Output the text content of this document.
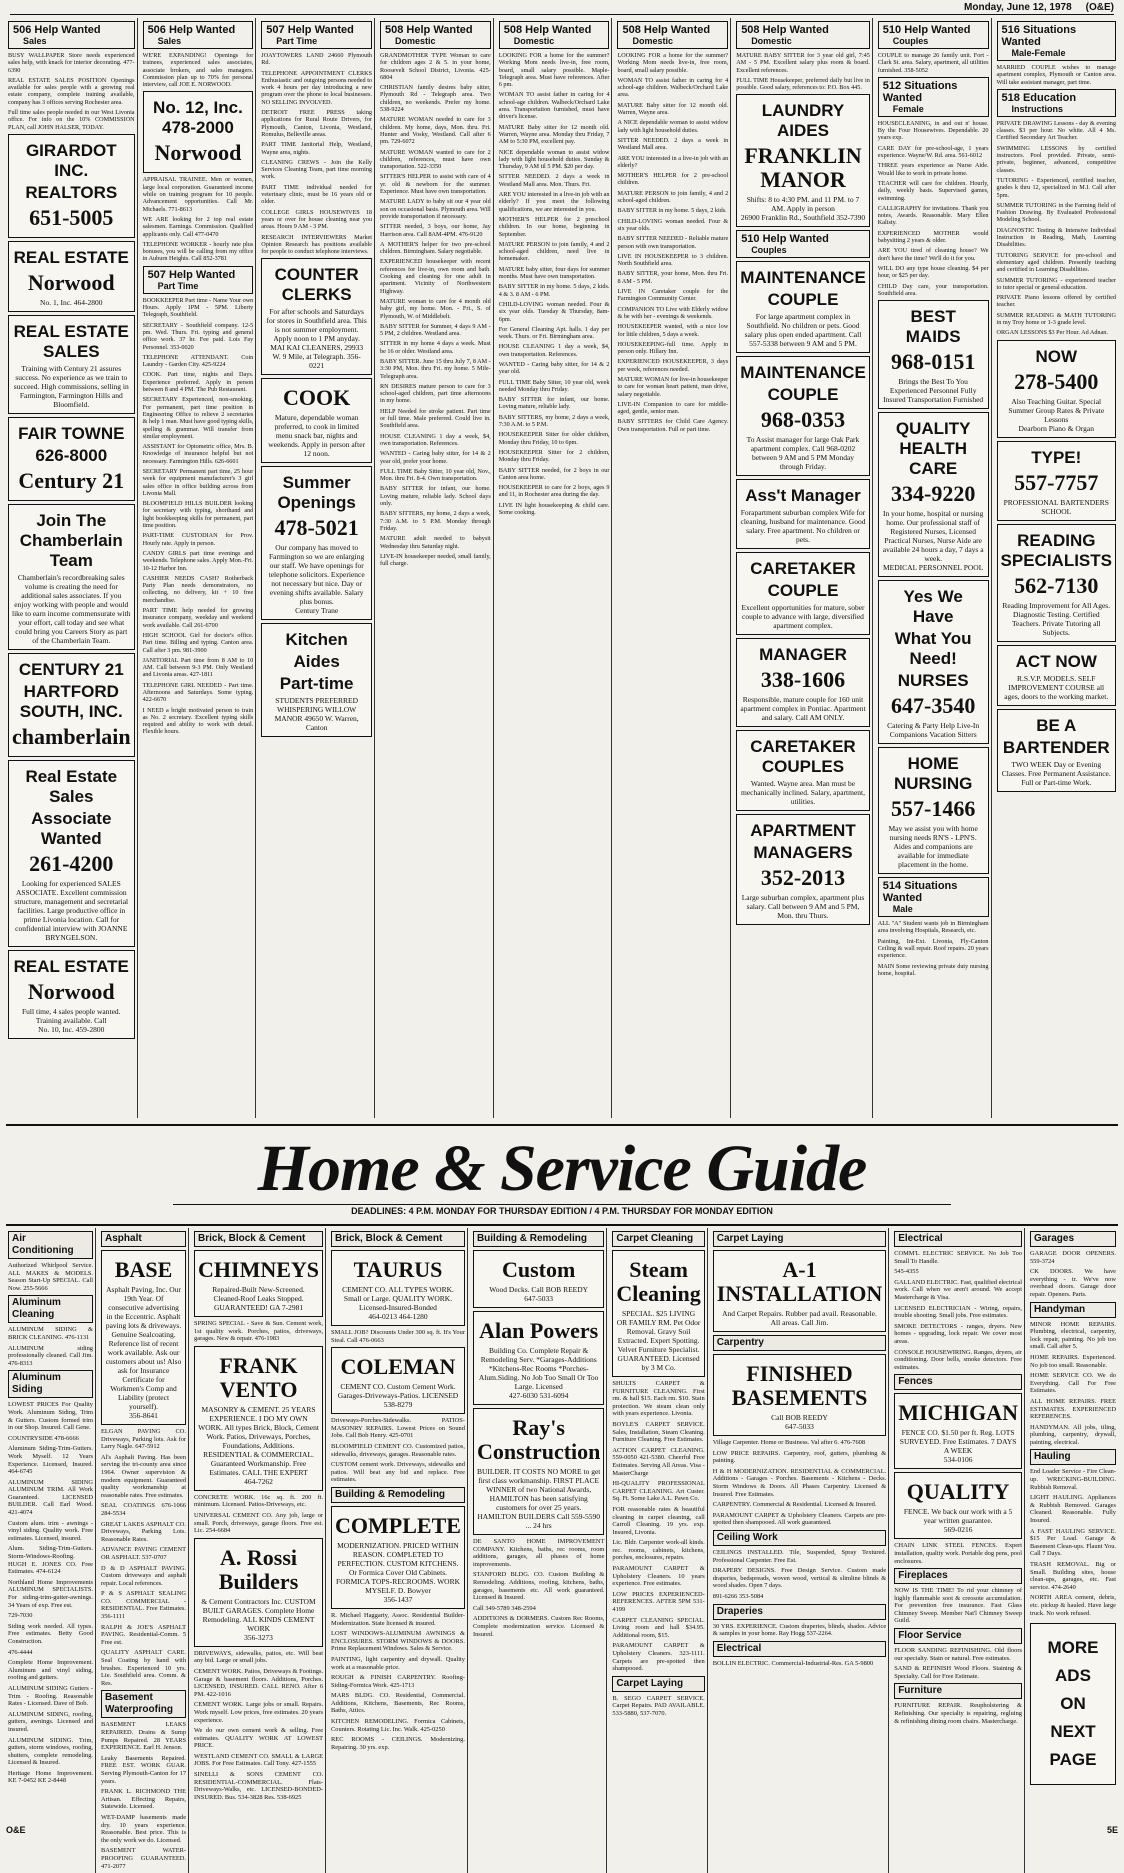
Monday, June 12, 1978 (O&E)
506 Help Wanted
Sales
BUSY WALLPAPER Store needs experienced sales help, with knack for interior decorating. 477-6390
REAL ESTATE SALES POSITION Openings available for sales people with a growing real estate company, complete training available, company has 3 offices serving Rochester area.
Full time sales people needed in our West Livonia office. For info on the 10% COMMISSION PLAN, call JOHN HALSER, TODAY.
GIRARDOT INC.
REALTORS
651-5005
REAL ESTATE
Norwood
No. 1, Inc. 464-2800
REAL ESTATE SALES
Training with Century 21 assures success. No experience as we train to succeed. High commissions, selling in Farmington, Farmington Hills and Bloomfield.
FAIR TOWNE
626-8000
Century 21
Join The Chamberlain Team
Chamberlain's recordbreaking sales volume is creating the need for additional sales associates. If you enjoy working with people and would like to earn income commensurate with your effort, call today and see what could bring you Careers Story as part of the Chamberlain Team.
CENTURY 21
HARTFORD SOUTH, INC.
chamberlain
Real Estate Sales
Associate Wanted
261-4200
Looking for experienced SALES ASSOCIATE. Excellent commission structure, management and secretarial facilities. Large productive office in prime Livonia location. Call for confidential interview with JOANNE BRYNGELSON.
REAL ESTATE
Norwood
Full time, 4 sales people wanted. Training available. Call
No. 10, Inc. 459-2800
506 Help Wanted
Sales
WE'RE EXPANDING! Openings for trainees, experienced sales associates, associate brokers, and sales managers. Commission plan up to 70% for personal interview, call JOE E. NORWOOD.
No. 12, Inc. 478-2000
Norwood
APPRAISAL TRAINEE. Men or women, large local corporation. Guaranteed income while on training program for 10 people. Advancement opportunities. Call Mr. Michaels. 771-8613
WE ARE looking for 2 top real estate salesmen. Earnings. Commission. Qualified applicants only. Call 477-0470
TELEPHONE WORKER - hourly rate plus bonuses, you will be calling from my office in Auburn Heights. Call 852-3781
507 Help Wanted
Part Time
BOOKKEEPER Part time - Name Your own Hours. Apply 1PM - 5PM. Liberty Telegraph, Southfield.
SECRETARY - Southfield company. 12-5 pm. Wed. Thurs. Fri. typing and general office work. 37 hr. Fee paid. Lois Fay Personnel. 353-0020
TELEPHONE ATTENDANT. Coin Laundry - Garden City. 425-9224
COOK. Part time, nights and Days. Experience preferred. Apply in person between 8 and 4 PM. The Pub Restaurant.
SECRETARY Experienced, non-smoking. For permanent, part time position in Engineering Office to relieve 2 secretaries & help 1 man. Must have good typing skills, spelling & grammar. Will transfer from similar employment.
ASSISTANT for Optometric office, Mrs. B. Knowledge of insurance helpful but not necessary. Farmington Hills. 626-6601
SECRETARY Permanent part time, 25 hour week for equipment manufacturer's 3 girl sales office in office building across from Livonia Mall.
BLOOMFIELD HILLS BUILDER looking for secretary with typing, shorthand and light bookkeeping skills for permanent, part time position.
PART-TIME CUSTODIAN for Prov. Hourly rate. Apply in person.
CANDY GIRLS part time evenings and weekends. Telephone sales. Apply Mon.-Fri. 10-12 Harbor Inn.
CASHIER NEEDS CASH? Rotherback Party Plan needs demonstrators, no collecting, no delivery, kit + 10 free merchandise.
PART TIME help needed for growing insurance company, weekday and weekend work available. Call 261-6700
HIGH SCHOOL Girl for doctor's office. Part time. Billing and typing. Canton area. Call after 3 pm. 981-3900
JANITORIAL Part time from 8 AM to 10 AM. Call between 9-3 PM. Only Westland and Livonia areas. 427-1811
TELEPHONE GIRL NEEDED - Part time. Afternoons and Saturdays. Some typing. 422-6670
I NEED a bright motivated person to train as No. 2 secretary. Excellent typing skills required and ability to work with detail. Flexible hours.
507 Help Wanted
Part Time
JOAYTOWERS LAND 24660 Plymouth Rd.
TELEPHONE APPOINTMENT CLERKS Enthusiastic and outgoing persons needed to work 4 hours per day introducing a new program over the phone to local businesses. NO SELLING INVOLVED.
DETROIT FREE PRESS taking applications for Rural Route Drivers, for Plymouth, Canton, Livonia, Westland, Romulus, Belleville areas.
PART TIME Janitorial Help, Westland, Wayne area, nights.
CLEANING CREWS - Join the Kelly Services Cleaning Team, part time morning work.
PART TIME individual needed for veterinary clinic, must be 16 years old or older.
COLLEGE GIRLS HOUSEWIVES 18 years or over for house cleaning near you areas. Hours 9 AM - 3 PM.
RESEARCH INTERVIEWERS Market Opinion Research has positions available for people to conduct telephone interviews.
COUNTER CLERKS
For after schools and Saturdays for stores in Southfield area. This is not summer employment. Apply noon to 1 PM anyday. MAI KAI CLEANERS, 29933 W. 9 Mile, at Telegraph. 356-0221
COOK
Mature, dependable woman preferred, to cook in limited menu snack bar, nights and weekends. Apply in person after 12 noon.
Summer Openings
478-5021
Our company has moved to Farmington so we are enlarging our staff. We have openings for telephone solicitors. Experience not necessary but nice. Day or evening shifts available. Salary plus bonus.
Century Trane
Kitchen
Aides
Part-time
STUDENTS PREFERRED WHISPERING WILLOW MANOR 49650 W. Warren, Canton
508 Help Wanted
Domestic
GRANDMOTHER TYPE Woman to care for children ages 2 & 5. in your home, Roosevelt School District, Livonia. 425-6804
CHRISTIAN family desires baby sitter, Plymouth Rd - Telegraph area. Two children, no weekends. Prefer my home. 538-9224
MATURE WOMAN needed to care for 3 children. My home, days, Mon. thru. Fri. Hunter and Vosky, Westland. Call after 6 pm. 729-6072
MATURE WOMAN wanted to care for 2 children, references, must have own transportation. 522-3350
SITTER'S HELPER to assist with care of 4 yr. old & newborn for the summer. Experience. Must have own transportation.
MATURE LADY to baby sit our 4 year old son on occasional basis. Plymouth area. Will provide transportation if necessary.
SITTER needed, 3 boys, our home, Jay Harrison area. Call 8AM-4PM. 476-9120
A MOTHER'S helper for two pre-school children. Birmingham. Salary negotiable.
EXPERIENCED housekeeper with recent references for live-in, own room and bath. Cooking and cleaning for one adult in apartment. Vicinity of Northwestern Highway.
MATURE woman to care for 4 month old baby girl, my home. Mon. - Fri., S. of Plymouth, W. of Middlebelt.
BABY SITTER for Summer, 4 days 9 AM - 5 PM, 2 children. Westland area.
SITTER in my home 4 days a week. Must be 16 or older. Westland area.
BABY SITTER. June 15 thru July 7, 8 AM - 3:30 PM, Mon. thru Fri. my home. 5 Mile-Telegraph area.
RN DESIRES mature person to care for 3 school-aged children, part time afternoons in my home.
HELP Needed for stroke patient. Part time or full time. Male preferred. Could live in. Southfield area.
HOUSE CLEANING 1 day a week, $4, own transportation. References.
WANTED - Caring baby sitter, for 14 & 2 year old, prefer your home.
FULL TIME Baby Sitter, 10 year old, Nov., Mon. thru Fri. 8-4. Own transportation.
BABY SITTER for infant, our home. Loving mature, reliable lady. School days only.
BABY SITTERS, my home, 2 days a week, 7:30 A.M. to 5 P.M. Monday through Friday.
MATURE adult needed to babysit Wednesday thru Saturday night.
LIVE-IN housekeeper needed, small family, full charge.
508 Help Wanted
Domestic
LOOKING FOR a home for the summer? Working Mom needs live-in, free room, board, small salary possible. Maple-Telegraph area. Must have references. After 6 pm.
WOMAN TO assist father in caring for 4 school-age children. Walbeck/Orchard Lake area. Transportation furnished, must have driver's license.
MATURE Baby sitter for 12 month old. Warren, Wayne area. Monday thru Friday, 7 AM to 5:30 PM, excellent pay.
NICE dependable woman to assist widow lady with light household duties. Sunday & Thursday, 9 AM til 5 PM. $20 per day.
SITTER NEEDED. 2 days a week in Westland Mall area. Mon. Thurs. Fri.
ARE YOU interested in a live-in job with an elderly? If you meet the following qualifications, we are interested in you.
MOTHER'S HELPER for 2 preschool children. In our home, beginning in September.
MATURE PERSON to join family, 4 and 2 school-aged children, need live in homemaker.
MATURE baby sitter, four days for summer months. Must have own transportation.
BABY SITTER in my home. 5 days, 2 kids. 4 & 3. 8 AM - 6 PM.
CHILD-LOVING woman needed. Four & six year olds. Tuesday & Thursday, 8am-6pm.
For General Cleaning Apt. halls. 1 day per week. Thurs. or Fri. Birmingham area.
HOUSE CLEANING 1 day a week, $4, own transportation. References.
WANTED - Caring baby sitter, for 14 & 2 year old.
FULL TIME Baby Sitter, 10 year old, week needed Monday thru Friday.
BABY SITTER for infant, our home. Loving mature, reliable lady.
BABY SITTERS, my home, 2 days a week, 7:30 A.M. to 5 P.M.
HOUSEKEEPER Sitter for older children, Monday thru Friday, 10 to 6pm.
HOUSEKEEPER Sitter for 2 children, Monday thru Friday.
BABY SITTER needed, for 2 boys in our Canton area home.
HOUSEKEEPER to care for 2 boys, ages 9 and 11, in Rochester area during the day.
LIVE IN light housekeeping & child care. Some cooking.
508 Help Wanted
Domestic
LOOKING FOR a home for the summer? Working Mom needs live-in, free room, board, small salary possible.
WOMAN TO assist father in caring for 4 school-age children. Walbeck/Orchard Lake area.
MATURE Baby sitter for 12 month old. Warren, Wayne area.
A NICE dependable woman to assist widow lady with light household duties.
SITTER NEEDED. 2 days a week in Westland Mall area.
ARE YOU interested in a live-in job with an elderly?
MOTHER'S HELPER for 2 pre-school children.
MATURE PERSON to join family, 4 and 2 school-aged children.
BABY SITTER in my home. 5 days, 2 kids.
CHILD-LOVING woman needed. Four & six year olds.
BABY SITTER NEEDED - Reliable mature person with own transportation.
LIVE IN HOUSEKEEPER to 3 children. North Southfield area.
BABY SITTER, your home, Mon. thru Fri. 8 AM - 5 PM.
LIVE IN Caretaker couple for the Farmington Community Center.
COMPANION TO Live with Elderly widow & be with her - evenings & weekends.
HOUSEKEEPER wanted, with a nice low for little children, 5 days a week.
HOUSEKEEPING-full time. Apply in person only. Hillary Inn.
EXPERIENCED HOUSEKEEPER, 3 days per week, references needed.
MATURE WOMAN for live-in housekeeper to care for woman heart patient, man drive, salary negotiable.
LIVE-IN Companion to care for middle-aged, gentle, senior man.
BABY SITTERS for Child Care Agency. Own transportation. Full or part time.
508 Help Wanted
Domestic
MATURE BABY SITTER for 3 year old girl, 7:45 AM - 5 PM. Excellent salary plus room & board. Excellent references.
FULL TIME Housekeeper, preferred daily but live in possible. Good salary, references to: P.O. Box 445.
LAUNDRY AIDES
FRANKLIN MANOR
Shifts: 8 to 4:30 PM. and 11 PM. to 7 AM. Apply in person
26900 Franklin Rd., Southfield 352-7390
510 Help Wanted
Couples
MAINTENANCE
COUPLE
For large apartment complex in Southfield. No children or pets. Good salary plus open ended apartment. Call 557-5338 between 9 AM and 5 PM.
MAINTENANCE
COUPLE
968-0353
To Assist manager for large Oak Park apartment complex. Call 968-0202 between 9 AM and 5 PM Monday through Friday.
Ass't Manager
Forapartment suburban complex Wife for cleaning, husband for maintenance. Good salary. Free apartment. No children or pets.
CARETAKER
COUPLE
Excellent opportunities for mature, sober couple to advance with large, diversified apartment complex.
MANAGER
338-1606
Responsible, mature couple for 160 unit apartment complex in Pontiac. Apartment and salary. Call AM ONLY.
CARETAKER COUPLES
Wanted. Wayne area. Man must be mechanically inclined. Salary, apartment, utilities.
APARTMENT
MANAGERS
352-2013
Large suburban complex, apartment plus salary. Call between 9 AM and 5 PM, Mon. thru Thurs.
510 Help Wanted
Couples
COUPLE to manage 26 family unit. Fort - Clark St. area. Salary, apartment, all utilities furnished. 358-5052
512 Situations Wanted
Female
HOUSECLEANING, in and out n' house. By the Four Housewives. Dependable. 20 years exp.
CARE DAY for pre-school-age, 1 years experience. Wayne/W. Rd. area. 561-6012
THREE years experience as Nurse Aide. Would like to work in private home.
TEACHER will care for children. Hourly, daily, weekly basis. Supervised games, swimming.
CALLIGRAPHY for invitations. Thank you notes, Awards. Reasonable. Mary Ellen Kalisty.
EXPERIENCED MOTHER would babysitting 2 years & older.
ARE YOU tired of cleaning house? We don't have the time? We'll do it for you.
WILL DO any type house cleaning. $4 per hour, or $25 per day.
CHILD Day care, your transportation. Southfield area.
BEST MAIDS
968-0151
Brings the Best To You Experienced Personnel Fully Insured Transportation Furnished
QUALITY HEALTH CARE
334-9220
In your home, hospital or nursing home. Our professional staff of Registered Nurses, Licensed Practical Nurses, Nurse Aide are available 24 hours a day, 7 days a week.
MEDICAL PERSONNEL POOL
Yes We Have
What You Need!
NURSES
647-3540
Catering & Party Help Live-In Companions Vacation Sitters
HOME NURSING
557-1466
May we assist you with home nursing needs RN'S - LPN'S. Aides and companions are available for immediate placement in the home.
514 Situations Wanted
Male
ALL "A" Student wants job in Birmingham area involving Hospitals, Research, etc.
Painting, Int-Ext. Livonia, Fly-Canton Ceiling & wall repair. Roof repairs. 20 years experience.
MAIN Some reviewing private duty nursing home, hospital.
516 Situations Wanted
Male-Female
MARRIED COUPLE wishes to manage apartment complex, Plymouth or Canton area. Will take assistant manager, part time.
518 Education
Instructions
PRIVATE DRAWING Lessons - day & evening classes. $3 per hour. No white. All 4 Ms. Certified Secondary Art Teacher.
SWIMMING LESSONS by certified instructors. Pool provided. Private, semi-private, beginner, advanced, competitive classes.
TUTORING - Experienced, certified teacher, grades k thru 12, specialized in M.I. Call after 5pm.
SUMMER TUTORING in the Farming field of Fashion Drawing. By Evaluated Professional Modeling School.
DIAGNOSTIC Testing & Intensive Individual Instruction in Reading, Math, Learning Disabilities.
TUTORING SERVICE for pre-school and elementary aged children. Presently teaching and certified in Learning Disabilities.
SUMMER TUTORING - experienced teacher to tutor special or general education.
PRIVATE Piano lessons offered by certified teacher.
SUMMER READING & MATH TUTORING in my Troy home or 1-3 grade level.
ORGAN LESSONS $3 Per Hour. Ad Adnan.
NOW
278-5400
Also Teaching Guitar. Special Summer Group Rates & Private Lessons
Dearborn Piano & Organ
TYPE!
557-7757
PROFESSIONAL BARTENDERS SCHOOL
READING SPECIALISTS
562-7130
Reading Improvement for All Ages. Diagnostic Testing. Certified Teachers. Private Tutoring all Subjects.
ACT NOW
R.S.V.P. MODELS. SELF IMPROVEMENT COURSE all ages, doors to the working market.
BE A
BARTENDER
TWO WEEK Day or Evening Classes. Free Permanent Assistance. Full or Part-time Work.
Home & Service Guide
DEADLINES: 4 P.M. MONDAY FOR THURSDAY EDITION / 4 P.M. THURSDAY FOR MONDAY EDITION
Air Conditioning
Authorized Whirlpool Service. ALL MAKES & MODELS. Season Start-Up SPECIAL. Call Now. 255-5666
Aluminum Cleaning
ALUMINUM SIDING & BRICK CLEANING. 476-1131
ALUMINUM siding professionally cleaned. Call Jim. 476-8313
Aluminum Siding
LOWEST PRICES For Quality Work. Aluminum Siding, Trim & Gutters. Custom formed trim in our Shop. Insured. Call Gene.
COUNTRYSIDE 478-6666
Aluminum Siding-Trim-Gutters. Work Myself. 12 Years Experience. Licensed, Insured. 464-6745
ALUMINUM SIDING ALUMINUM TRIM. All Work Guaranteed. LICENSED BUILDER. Call Earl Wood. 421-4074
Custom alum. trim - awnings - vinyl siding. Quality work. Free estimates. Licensed, insured.
Alum. Siding-Trim-Gutters. Storm-Windows-Roofing. HUGH E. JONES CO. Free Estimates. 474-6124
Northland Home Improvements ALUMINUM SPECIALISTS. For siding-trim-gutter-awnings. 34 Years of exp. Free est.
729-7030
Siding work needed. All types. Free estimates. Betty Good Construction.
476-4444
Complete Home Improvement. Aluminum and vinyl siding, roofing and gutters.
ALUMINUM SIDING Gutters - Trim - Roofing. Reasonable Rates - Licensed. Dave of Bob.
ALUMINUM SIDING, roofing, gutters, awnings. Licensed and insured.
ALUMINUM SIDING. Trim, gutters, storm windows, roofing, shutters, complete remodeling. Licensed & Insured.
Heritage Home Improvement. KE 7-0452 KE 2-8448
Asphalt
BASE
Asphalt Paving, Inc. Our 19th Year. Of consecutive advertising in the Eccentric. Asphalt paving lots & driveways. Genuine Sealcoating. Reference list of recent work available. Ask our customers about us! Also ask for Insurance Certificate for Workmen's Comp and Liability (protect yourself).
356-8641
ELGAN PAVING CO. Driveways, Parking lots. Ask for Larry Nagle. 647-5912
Al's Asphalt Paving. Has been serving the tri-county area since 1964. Owner supervision & modern equipment. Guaranteed quality workmanship at reasonable rates. Free estimates.
SEAL COATINGS 676-1066 284-5534
GREAT LAKES ASPHALT CO. Driveways, Parking Lots. Reasonable Rates.
ADVANCE PAVING CEMENT OR ASPHALT. 537-0707
D & D ASPHALT PAVING. Custom driveways and asphalt repair. Local references.
P & S ASPHALT SEALING CO. COMMERCIAL - RESIDENTIAL. Free Estimates. 356-1111
RALPH & JOE'S ASPHALT PAVING. Residential-Comm. 5 Free est.
QUALITY ASPHALT CARE. Seal Coating by hand with brushes. Experienced 10 yrs. Lie. Southfield area. Comm. & Res.
Basement Waterproofing
BASEMENT LEAKS REPAIRED. Drains & Sump Pumps Repaired. 28 YEARS EXPERIENCE. Earl H. Jenson.
Leaky Basements Repaired. FREE EST. WORK GUAR. Serving Plymouth-Canton for 17 years.
FRANK L. RICHMOND THE Artisan. Effecting Repairs, Statewide. Licensed.
WET-DAMP basements made dry. 10 years experience. Reasonable. Best price. This is the only work we do. Licensed.
BASEMENT WATER-PROOFING GUARANTEED. 471-2077
Brick, Block & Cement
CHIMNEYS
Repaired-Built New-Screened. Cleaned-Roof Leaks Stopped. GUARANTEED! GA 7-2981
SPRING SPECIAL - Save & Sun. Cement work, 1st quality work. Porches, patios, driveways, garages. New & repair. 476-1983
FRANK VENTO
MASONRY & CEMENT. 25 YEARS EXPERIENCE. I DO MY OWN WORK. All types Brick, Block, Cement Work. Patios, Driveways, Porches, Foundations, Additions. RESIDENTIAL & COMMERCIAL. Guaranteed Workmanship. Free Estimates. CALL THE EXPERT
464-7262
CONCRETE WORK. 16c sq. ft. 200 ft. minimum. Licensed. Patios-Driveways, etc.
UNIVERSAL CEMENT CO. Any job, large or small. Porch, driveways, garage floors. Free est. Lic. 254-6684
A. Rossi Builders
& Cement Contractors Inc. CUSTOM BUILT GARAGES. Complete Home Remodeling. ALL KINDS CEMENT WORK
356-3273
DRIVEWAYS, sidewalks, patios, etc. Will beat any bid. Large or small jobs.
CEMENT WORK. Patios, Driveways & Footings. Garage & basement floors. Additions, Porches. LICENSED, INSURED. CALL RENO. After 6 PM. 422-1016
CEMENT WORK. Large jobs or small. Repairs. Work myself. Low prices, free estimates. 20 years experience.
We do our own cement work & selling. Free estimates. QUALITY WORK AT LOWEST PRICE.
WESTLAND CEMENT CO. SMALL & LARGE JOBS. For Free Estimates. Call Tony. 427-1555
SINELLI & SONS CEMENT CO. RESIDENTIAL-COMMERCIAL. Flats-Driveways-Walks, etc. LICENSED-BONDED-INSURED. Bus. 534-3828 Res. 538-6925
Brick, Block & Cement
TAURUS
CEMENT CO. ALL TYPES WORK. Small or Large. QUALITY WORK. Licensed-Insured-Bonded
464-0213 464-1280
SMALL JOB? Discounts Under 300 sq. ft. It's Your Steal. Call 476-0663
COLEMAN
CEMENT CO. Custom Cement Work. Garages-Driveways-Patios. LICENSED
538-8279
Driveways-Porches-Sidewalks. PATIOS-MASONRY REPAIRS. Lowest Prices on Sound Jobs. Call Bob Henry. 425-0701
BLOOMFIELD CEMENT CO. Customized patios, sidewalks, driveways, garages. Reasonable rates.
CUSTOM cement work. Driveways, sidewalks and patios. Will beat any bid and replace. Free estimates.
Building & Remodeling
COMPLETE
MODERNIZATION. PRICED WITHIN REASON. COMPLETED TO PERFECTION. CUSTOM KITCHENS. Or Formica Cover Old Cabinets. FORMICA TOPS-RECROOMS. WORK MYSELF. D. Bowyer
356-1437
R. Michael Haggarty, Assoc. Residential Builder-Modernization. State licensed & insured.
LOST WINDOWS-ALUMINUM AWNINGS & ENCLOSURES. STORM WINDOWS & DOORS. Prime Replacement Windows. Sales & Service.
PAINTING, light carpentry and drywall. Quality work at a reasonable price.
ROUGH & FINISH CARPENTRY. Roofing-Siding-Formica Work. 425-1713
MARS BLDG. CO. Residential, Commercial. Additions, Kitchens, Basements, Rec Rooms, Baths, Attics.
KITCHEN REMODELING. Formica Cabinets, Counters. Rotating Lic. Inc. Walk. 425-0250
REC ROOMS - CEILINGS. Modernizing. Repairing. 30 yrs. exp.
Building & Remodeling
Custom
Wood Decks. Call BOB REEDY
647-5033
Alan Powers
Building Co. Complete Repair & Remodeling Serv. *Garages-Additions *Kitchens-Rec Rooms *Porches-Alum.Siding. No Job Too Small Or Too Large. Licensed
427-6030 531-6094
Ray's Construction
BUILDER. IT COSTS NO MORE to get first class workmanship. FIRST PLACE WINNER of two National Awards, HAMILTON has been satisfying customers for over 25 years.
HAMILTON BUILDERS Call 559-5590 ... 24 hrs
DE SANTO HOME IMPROVEMENT COMPANY. Kitchens, baths, rec rooms, room additions, garages, all phases of home improvements.
STANFORD BLDG. CO. Custom Building & Remodeling. Additions, roofing, kitchens, baths, garages, basements etc. All work guaranteed. Licensed & Insured.
Call 349-5789 348-2594
ADDITIONS & DORMERS. Custom Rec Rooms, Complete modernization service. Licensed & Insured.
Carpet Cleaning
Steam Cleaning
SPECIAL. $25 LIVING OR FAMILY RM. Pet Odor Removal. Gravy Soil Extracted. Expert Spotting. Velvet Furniture Specialist. GUARANTEED. Licensed by 3 M Co.
SHULTS CARPET & FURNITURE CLEANING. First rm. & hall $15. Each rm. $10. Stain protection. We steam clean only with years experience. Livonia.
BOYLE'S CARPET SERVICE. Sales, Installation, Steam Cleaning. Furniture Cleaning. Free Estimates.
ACTION CARPET CLEANING. 559-0050 421-5380. Cheerful Free Estimates. Serving All Areas. Visa - MasterCharge
HI-QUALITY PROFESSIONAL CARPET CLEANING. Art Custer. Sq. Ft. Some Lake A.L. Pawn Co.
FOR reasonable rates & beautiful cleaning in carpet cleaning, call Carroll Cleaning. 19 yrs. exp. Insured, Livonia.
Lic. Bldr. Carpenter work-all kinds. rec. rooms, cabinets, kitchens, porches, enclosures, repairs.
PARAMOUNT CARPET & Upholstery Cleaners. 10 years experience. Free estimates.
LOW PRICES EXPERIENCED-REFERENCES. AFTER 5PM 531-4199
CARPET CLEANING SPECIAL. Living room and hall $34.95. Additional room, $15.
PARAMOUNT CARPET & Upholstery Cleaners. 323-1111. Carpets are pre-spotted then shampooed.
Carpet Laying
B. SEGO CARPET SERVICE. Carpet Repairs. PAD AVAILABLE. 533-5880, 537-7070.
Carpet Laying
A-1 INSTALLATION
And Carpet Repairs. Rubber pad avail. Reasonable. All areas. Call Jim.
Carpentry
FINISHED BASEMENTS
Call BOB REEDY
647-5033
Village Carpenter. Home or Business. Val after 6. 476-7608
LOW PRICE REPAIRS. Carpentry, roof, gutters, plumbing & painting.
H & H MODERNIZATION. RESIDENTIAL & COMMERCIAL. Additions - Garages - Porches. Basements - Kitchens - Decks. Storm Windows & Doors. All Phases Carpentry. Licensed & Insured. Free Estimates.
CARPENTRY. Commercial & Residential. Licensed & Insured.
PARAMOUNT CARPET & Upholstery Cleaners. Carpets are pre-spotted then shampooed. All work guaranteed.
Ceiling Work
CEILINGS INSTALLED. Tile, Suspended, Spray Textured. Professional Carpenter. Free Est.
DRAPERY DESIGNS. Free Design Service. Custom made draperies, bedspreads, woven wood, vertical & slimline blinds & wood shades. Open 7 days.
891-6266 353-5084
Draperies
30 YRS. EXPERIENCE. Custom draperies, blinds, shades. Advice & samples in your home. Ray Hogg 537-2264.
Electrical
BOLLIN ELECTRIC. Commercial-Industrial-Res. GA 5-9800
Electrical
COMM'L ELECTRIC SERVICE. No Job Too Small To Handle.
545-4355
GALLAND ELECTRIC. Fast, qualified electrical work. Call when we aren't around. We accept Mastercharge & Visa.
LICENSED ELECTRICIAN - Wiring, repairs, trouble shooting. Small jobs. Free estimates.
SMOKE DETECTORS - ranges, dryers. New homes - upgrading, lock repair. We cover most areas.
CONSOLE HOUSEWIRING. Ranges, dryers, air conditioning. Door bells, smoke detectors. Free estimates.
Fences
MICHIGAN
FENCE CO. $1.50 per ft. Reg. LOTS SURVEYED. Free Estimates. 7 DAYS A WEEK
534-0106
QUALITY
FENCE. We back our work with a 5 year written guarantee.
569-0216
CHAIN LINK STEEL FENCES. Expert installation, quality work. Portable dog pens, pool enclosures.
Fireplaces
NOW IS THE TIME! To rid your chimney of highly flammable soot & creosote accumulation. For prevention free insurance. Fast Glass Chimney Sweep. Member Nat'l Chimney Sweep Guild.
Floor Service
FLOOR SANDING REFINISHING. Old floors our specialty. Stain or natural. Free estimates.
SAND & REFINISH Wood Floors. Staining & Specialty. Call for Free Estimate.
Furniture
FURNITURE REPAIR. Reupholstering & Refinishing. Our specialty is repairing, regluing & refinishing dining room chairs. Mastercharge.
Garages
GARAGE DOOR OPENERS. 559-3724
CK DOORS. We have everything - tr. We've now overhead doors. Garage door repair. Openers. Parts.
Handyman
MINOR HOME REPAIRS. Plumbing, electrical, carpentry, lock repair, painting. No job too small. Call after 5.
HOME REPAIRS. Experienced. No job too small. Reasonable.
HOME SERVICE CO. We do Everything. Call For Free Estimates.
ALL HOME REPAIRS. FREE ESTIMATES. EXPERIENCED REFERENCES.
HANDYMAN. All jobs, tiling, plumbing, carpentry, drywall, painting, electrical.
Hauling
End Loader Service - Fire Clean-up. WRECKING-BUILDING. Rubbish Removal.
LIGHT HAULING. Appliances & Rubbish Removed. Garages Cleaned. Reasonable. Fully Insured.
A FAST HAULING SERVICE. $15 Per Load. Garage & Basement Clean-ups. Flaunt You. Call 7 Days.
TRASH REMOVAL. Big or Small. Building sites, house clean-ups, garages, etc. Fast service. 474-2640
NORTH AREA cement, debris, etc. pickup & hauled. Have large truck. No work refused.
MORE ADS
ON
NEXT PAGE
O&E	5E
